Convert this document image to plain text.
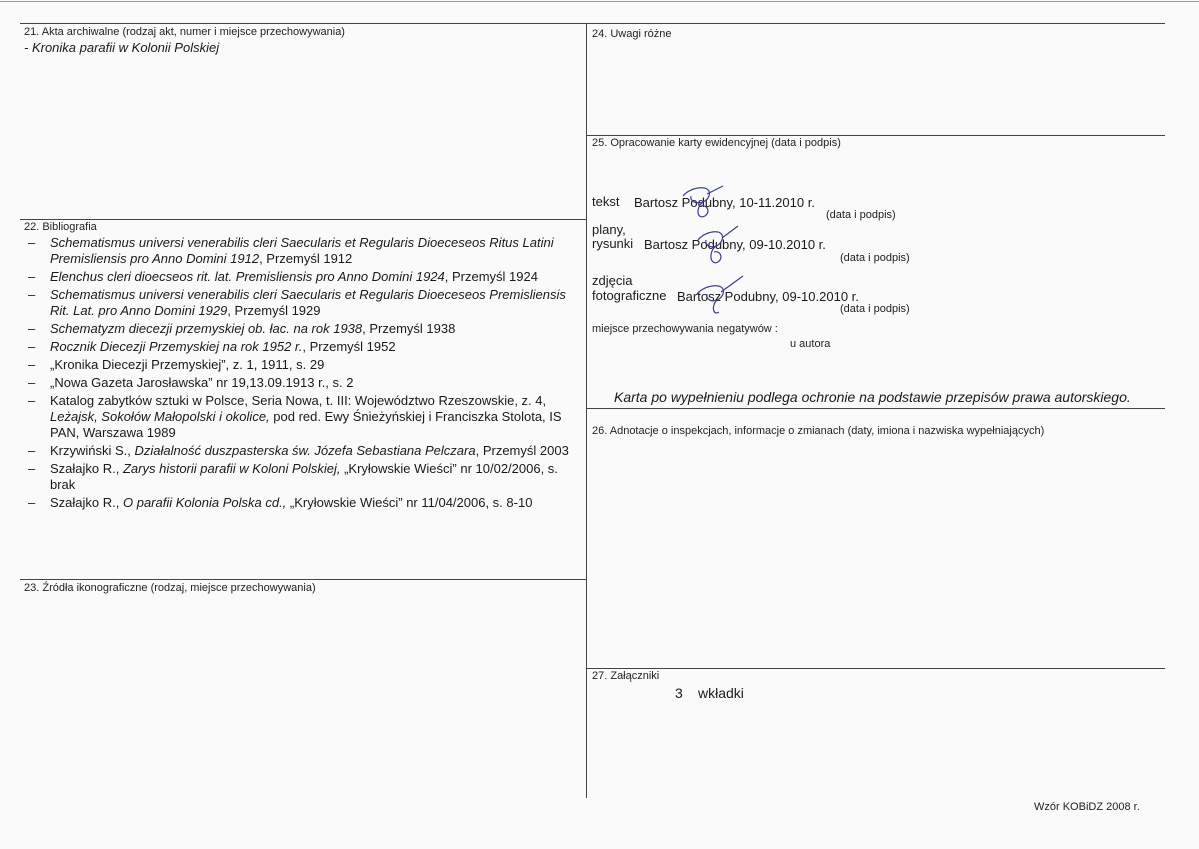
21. Akta archiwalne (rodzaj akt, numer i miejsce przechowywania)
- Kronika parafii w Kolonii Polskiej
22. Bibliografia
– Schematismus universi venerabilis cleri Saecularis et Regularis Dioeceseos Ritus Latini Premisliensis pro Anno Domini 1912, Przemyśl 1912
– Elenchus cleri dioecseos rit. lat. Premisliensis pro Anno Domini 1924, Przemyśl 1924
– Schematismus universi venerabilis cleri Saecularis et Regularis Dioeceseos Premisliensis Rit. Lat. pro Anno Domini 1929, Przemyśl 1929
– Schematyzm diecezji przemyskiej ob. łac. na rok 1938, Przemyśl 1938
– Rocznik Diecezji Przemyskiej na rok 1952 r., Przemyśl 1952
– „Kronika Diecezji Przemyskiej”, z. 1, 1911, s. 29
– „Nowa Gazeta Jarosławska” nr 19,13.09.1913 r., s. 2
– Katalog zabytków sztuki w Polsce, Seria Nowa, t. III: Województwo Rzeszowskie, z. 4, Leżajsk, Sokołów Małopolski i okolice, pod red. Ewy Śnieżyńskiej i Franciszka Stolota, IS PAN, Warszawa 1989
– Krzywiński S., Działalność duszpasterska św. Józefa Sebastiana Pelczara, Przemyśl 2003
– Szałajko R., Zarys historii parafii w Koloni Polskiej, „Kryłowskie Wieści” nr 10/02/2006, s. brak
– Szałajko R., O parafii Kolonia Polska cd., „Kryłowskie Wieści” nr 11/04/2006, s. 8-10
23. Źródła ikonograficzne (rodzaj, miejsce przechowywania)
24. Uwagi różne
25. Opracowanie karty ewidencyjnej (data i podpis)
tekst Bartosz Podubny, 10-11.2010 r.
(data i podpis)
plany,
rysunki Bartosz Podubny, 09-10.2010 r.
(data i podpis)
zdjęcia
fotograficzne Bartosz Podubny, 09-10.2010 r.
(data i podpis)
miejsce przechowywania negatywów :
u autora
Karta po wypełnieniu podlega ochronie na podstawie przepisów prawa autorskiego.
26. Adnotacje o inspekcjach, informacje o zmianach (daty, imiona i nazwiska wypełniających)
27. Załączniki
3 wkładki
Wzór KOBiDZ 2008 r.
